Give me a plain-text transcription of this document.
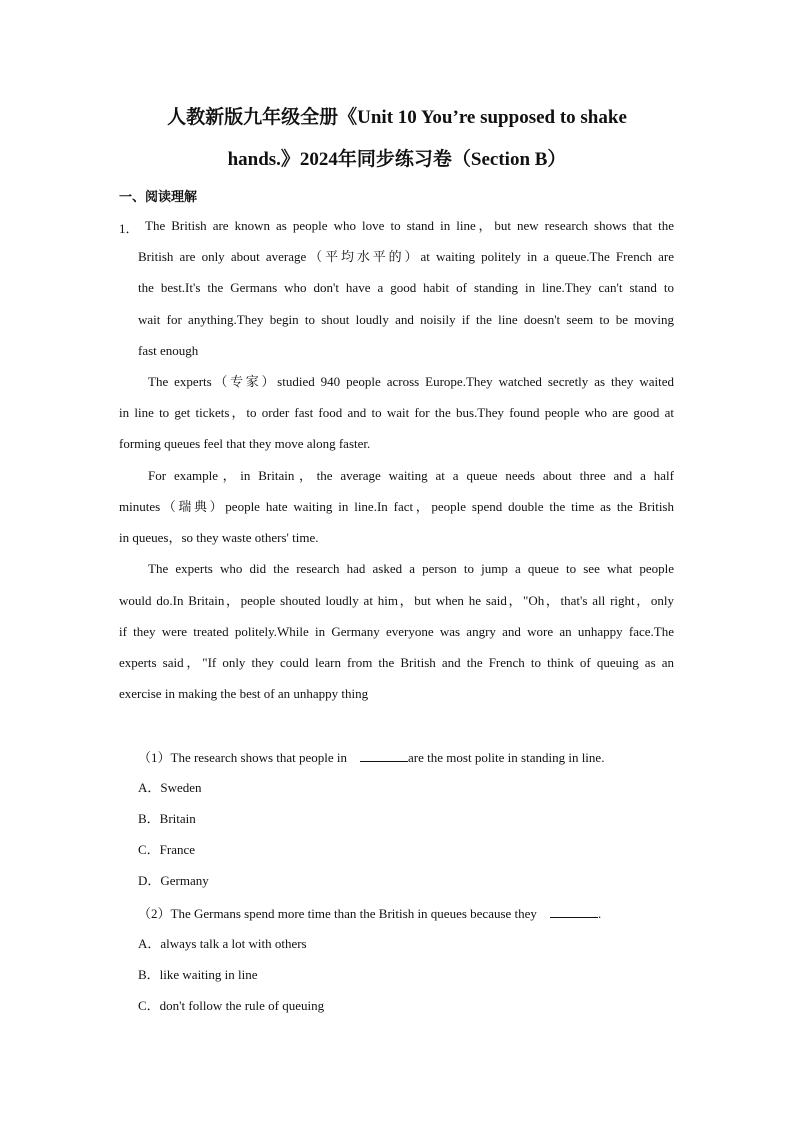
人教新版九年级全册《Unit 10 You’re supposed to shake
hands.》2024年同步练习卷（Section B）
一、阅读理解
1． The British are known as people who love to stand in line，but new research shows that the
British are only about average（平均水平的）at waiting politely in a queue.The French are
the best.It's the Germans who don't have a good habit of standing in line.They can't stand to
wait for anything.They begin to shout loudly and noisily if the line doesn't seem to be moving
fast enough
The experts（专家）studied 940 people across Europe.They watched secretly as they waited
in line to get tickets，to order fast food and to wait for the bus.They found people who are good at
forming queues feel that they move along faster.
For example，in Britain，the average waiting at a queue needs about three and a half
minutes（瑞典）people hate waiting in line.In fact，people spend double the time as the British
in queues，so they waste others' time.
The experts who did the research had asked a person to jump a queue to see what people
would do.In Britain，people shouted loudly at him，but when he said，"Oh，that's all right，only
if they were treated politely.While in Germany everyone was angry and wore an unhappy face.The
experts said，"If only they could learn from the British and the French to think of queuing as an
exercise in making the best of an unhappy thing
（1）The research shows that people in	are the most polite in standing in line.
A．Sweden
B．Britain
C．France
D．Germany
（2）The Germans spend more time than the British in queues because they	.
A．always talk a lot with others
B．like waiting in line
C．don't follow the rule of queuing
